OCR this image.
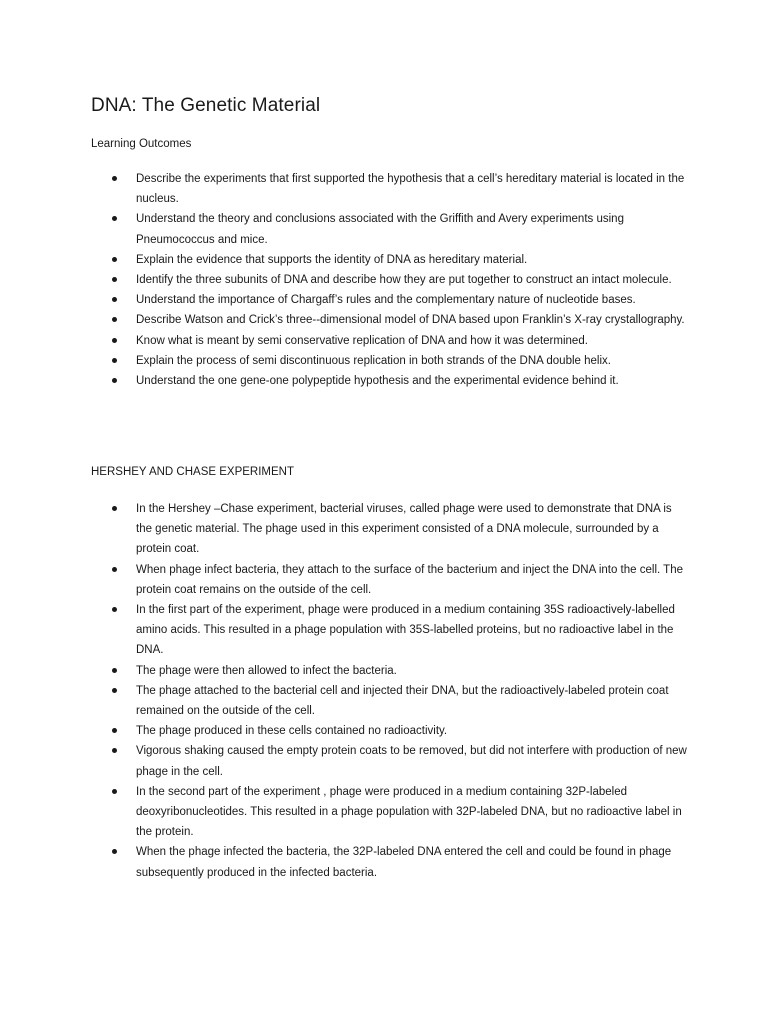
DNA: The Genetic Material
Learning Outcomes
Describe the experiments that first supported the hypothesis that a cell’s hereditary material is located in the nucleus.
Understand the theory and conclusions associated with the Griffith and Avery experiments using Pneumococcus and mice.
Explain the evidence that supports the identity of DNA as hereditary material.
Identify the three subunits of DNA and describe how they are put together to construct an intact molecule.
Understand the importance of Chargaff’s rules and the complementary nature of nucleotide bases.
Describe Watson and Crick’s three‐‐dimensional model of DNA based upon Franklin’s X‐ray crystallography.
Know what is meant by semi conservative replication of DNA and how it was determined.
Explain the process of semi discontinuous replication in both strands of the DNA double helix.
Understand the one gene‐one polypeptide hypothesis and the experimental evidence behind it.
HERSHEY AND CHASE EXPERIMENT
In the Hershey –Chase experiment, bacterial viruses, called phage were used to demonstrate that DNA is the genetic material. The phage used in this experiment consisted of a DNA molecule, surrounded by a protein coat.
When phage infect bacteria, they attach to the surface of the bacterium and inject the DNA into the cell. The protein coat remains on the outside of the cell.
In the first part of the experiment, phage were produced in a medium containing 35S radioactively‐labelled amino acids. This resulted in a phage population with 35S‐labelled proteins, but no radioactive label in the DNA.
The phage were then allowed to infect the bacteria.
The phage attached to the bacterial cell and injected their DNA, but the radioactively‐labeled protein coat remained on the outside of the cell.
The phage produced in these cells contained no radioactivity.
Vigorous shaking caused the empty protein coats to be removed, but did not interfere with production of new phage in the cell.
In the second part of the experiment , phage were produced in a medium containing 32P‐labeled deoxyribonucleotides. This resulted in a phage population with 32P‐labeled DNA, but no radioactive label in the protein.
When the phage infected the bacteria, the 32P‐labeled DNA entered the cell and could be found in phage subsequently produced in the infected bacteria.
